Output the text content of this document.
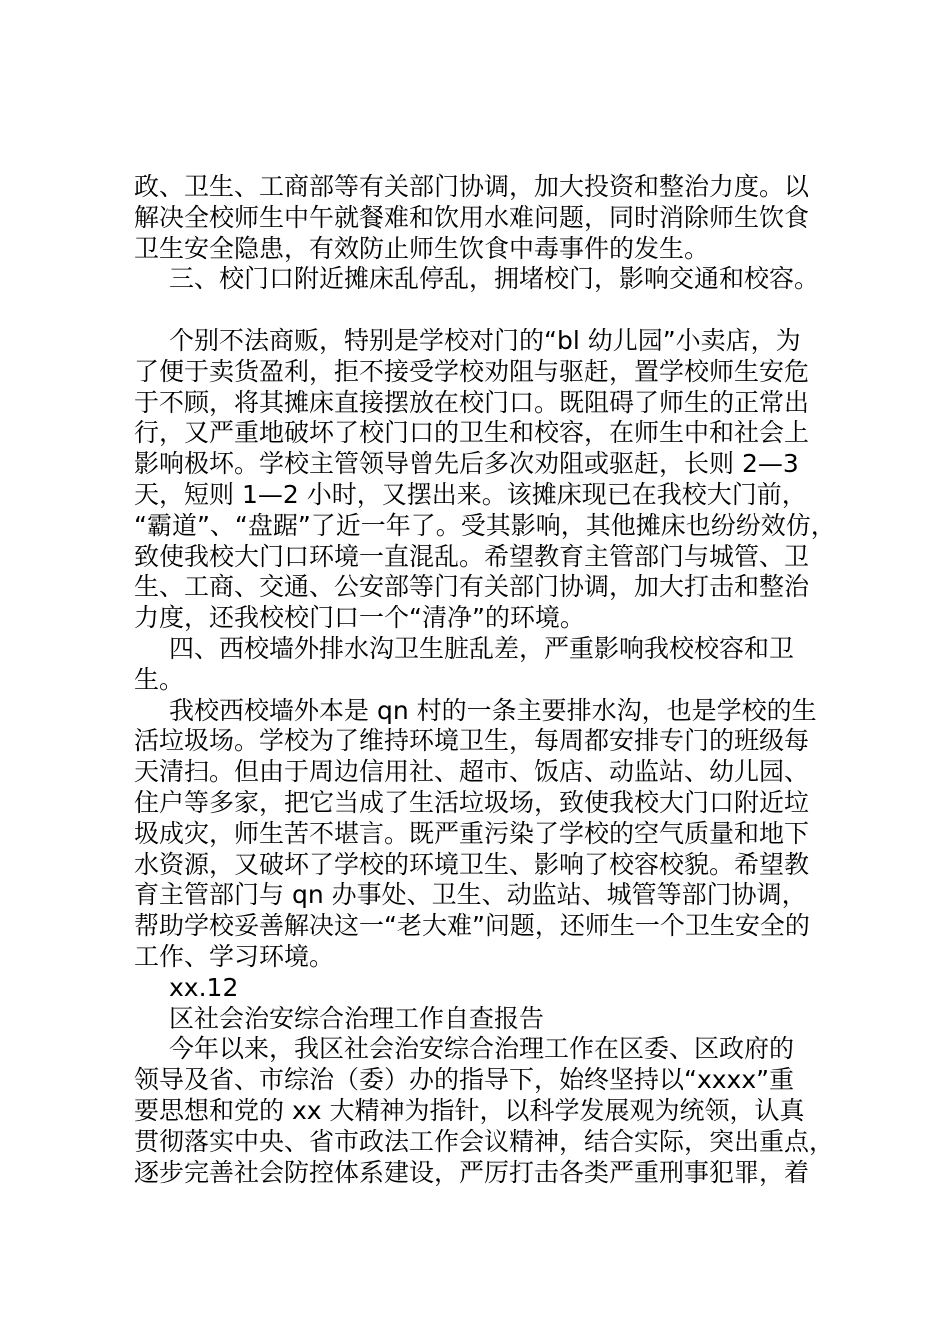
政、卫生、工商部等有关部门协调，加大投资和整治力度。以
解决全校师生中午就餐难和饮用水难问题，同时消除师生饮食
卫生安全隐患，有效防止师生饮食中毒事件的发生。
三、校门口附近摊床乱停乱，拥堵校门，影响交通和校容。
个别不法商贩，特别是学校对门的“bl 幼儿园”小卖店，为
了便于卖货盈利，拒不接受学校劝阻与驱赶，置学校师生安危
于不顾，将其摊床直接摆放在校门口。既阻碍了师生的正常出
行，又严重地破坏了校门口的卫生和校容，在师生中和社会上
影响极坏。学校主管领导曾先后多次劝阻或驱赶，长则 2—3
天，短则 1—2 小时，又摆出来。该摊床现已在我校大门前，
“霸道”、“盘踞”了近一年了。受其影响，其他摊床也纷纷效仿，
致使我校大门口环境一直混乱。希望教育主管部门与城管、卫
生、工商、交通、公安部等门有关部门协调，加大打击和整治
力度，还我校校门口一个“清净”的环境。
四、西校墙外排水沟卫生脏乱差，严重影响我校校容和卫
生。
我校西校墙外本是 qn 村的一条主要排水沟，也是学校的生
活垃圾场。学校为了维持环境卫生，每周都安排专门的班级每
天清扫。但由于周边信用社、超市、饭店、动监站、幼儿园、
住户等多家，把它当成了生活垃圾场，致使我校大门口附近垃
圾成灾，师生苦不堪言。既严重污染了学校的空气质量和地下
水资源，又破坏了学校的环境卫生、影响了校容校貌。希望教
育主管部门与 qn 办事处、卫生、动监站、城管等部门协调，
帮助学校妥善解决这一“老大难”问题，还师生一个卫生安全的
工作、学习环境。
xx.12
区社会治安综合治理工作自查报告
今年以来，我区社会治安综合治理工作在区委、区政府的
领导及省、市综治（委）办的指导下，始终坚持以“xxxx”重
要思想和党的 xx 大精神为指针，以科学发展观为统领，认真
贯彻落实中央、省市政法工作会议精神，结合实际，突出重点，
逐步完善社会防控体系建设，严厉打击各类严重刑事犯罪，着
